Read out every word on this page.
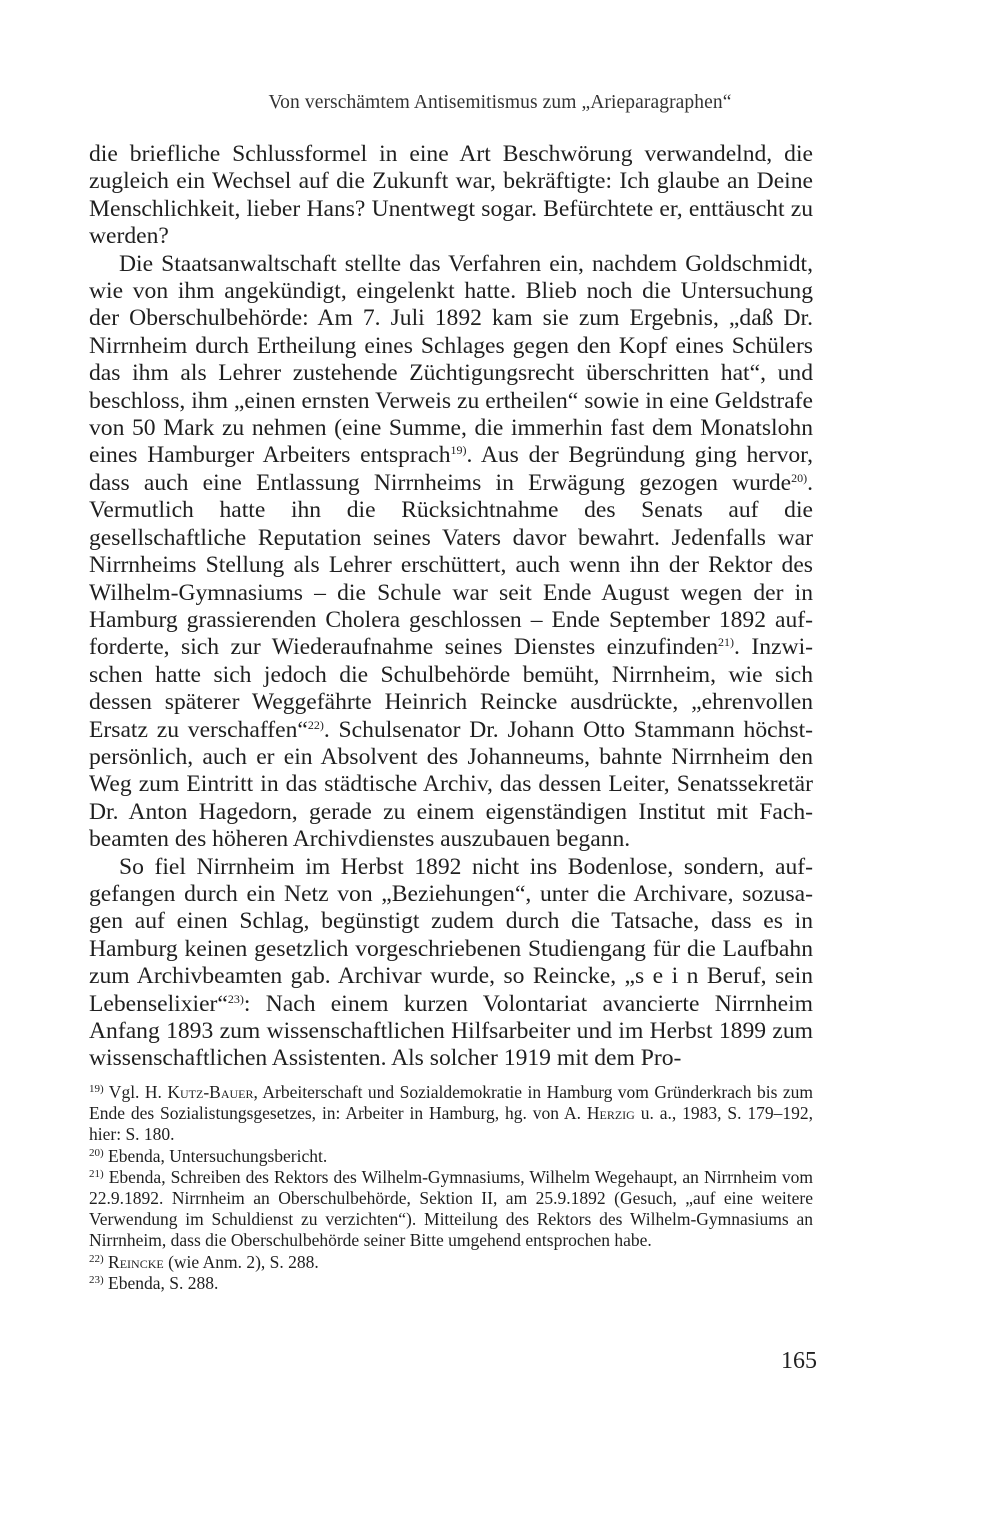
Von verschämtem Antisemitismus zum „Arieparagraphen“

die briefliche Schlussformel in eine Art Beschwörung verwandelnd, die zugleich ein Wechsel auf die Zukunft war, bekräftigte: Ich glaube an Deine Menschlichkeit, lieber Hans? Unentwegt sogar. Befürchtete er, enttäuscht zu werden?

Die Staatsanwaltschaft stellte das Verfahren ein, nachdem Goldschmidt, wie von ihm angekündigt, eingelenkt hatte. Blieb noch die Untersuchung der Oberschulbehörde: Am 7. Juli 1892 kam sie zum Ergebnis, „daß Dr. Nirrnheim durch Ertheilung eines Schlages gegen den Kopf eines Schülers das ihm als Lehrer zustehende Züchtigungsrecht überschritten hat“, und beschloss, ihm „einen ernsten Verweis zu ertheilen“ sowie in eine Geldstrafe von 50 Mark zu nehmen (eine Summe, die immerhin fast dem Monatslohn eines Hamburger Arbeiters entsprach$^{19)}$. Aus der Begründung ging hervor, dass auch eine Entlassung Nirrnheims in Erwägung gezogen wurde$^{20)}$. Vermutlich hatte ihn die Rücksichtnahme des Senats auf die gesellschaftliche Reputation seines Vaters davor bewahrt. Jedenfalls war Nirrnheims Stellung als Lehrer erschüttert, auch wenn ihn der Rektor des Wilhelm-Gymnasiums – die Schule war seit Ende August wegen der in Hamburg grassierenden Cholera geschlossen – Ende September 1892 aufforderte, sich zur Wiederaufnahme seines Dienstes einzufinden$^{21)}$. Inzwischen hatte sich jedoch die Schulbehörde bemüht, Nirrnheim, wie sich dessen späterer Weggefährte Heinrich Reincke ausdrückte, „ehrenvollen Ersatz zu verschaffen“$^{22)}$. Schulsenator Dr. Johann Otto Stammann höchstpersönlich, auch er ein Absolvent des Johanneums, bahnte Nirrnheim den Weg zum Eintritt in das städtische Archiv, das dessen Leiter, Senatssekretär Dr. Anton Hagedorn, gerade zu einem eigenständigen Institut mit Fachbeamten des höheren Archivdienstes auszubauen begann.

So fiel Nirrnheim im Herbst 1892 nicht ins Bodenlose, sondern, aufgefangen durch ein Netz von „Beziehungen“, unter die Archivare, sozusagen auf einen Schlag, begünstigt zudem durch die Tatsache, dass es in Hamburg keinen gesetzlich vorgeschriebenen Studiengang für die Laufbahn zum Archivbeamten gab. Archivar wurde, so Reincke, „s e i n Beruf, sein Lebenselixier“$^{23)}$: Nach einem kurzen Volontariat avancierte Nirrnheim Anfang 1893 zum wissenschaftlichen Hilfsarbeiter und im Herbst 1899 zum wissenschaftlichen Assistenten. Als solcher 1919 mit dem Pro-

$^{19)}$ Vgl. H. Kutz-Bauer, Arbeiterschaft und Sozialdemokratie in Hamburg vom Gründerkrach bis zum Ende des Sozialistungsgesetzes, in: Arbeiter in Hamburg, hg. von A. Herzig u. a., 1983, S. 179–192, hier: S. 180.

$^{20)}$ Ebenda, Untersuchungsbericht.

$^{21)}$ Ebenda, Schreiben des Rektors des Wilhelm-Gymnasiums, Wilhelm Wegehaupt, an Nirrnheim vom 22.9.1892. Nirrnheim an Oberschulbehörde, Sektion II, am 25.9.1892 (Gesuch, „auf eine weitere Verwendung im Schuldienst zu verzichten“). Mitteilung des Rektors des Wilhelm-Gymnasiums an Nirrnheim, dass die Oberschulbehörde seiner Bitte umgehend entsprochen habe.

$^{22)}$ Reincke (wie Anm. 2), S. 288.

$^{23)}$ Ebenda, S. 288.

165
